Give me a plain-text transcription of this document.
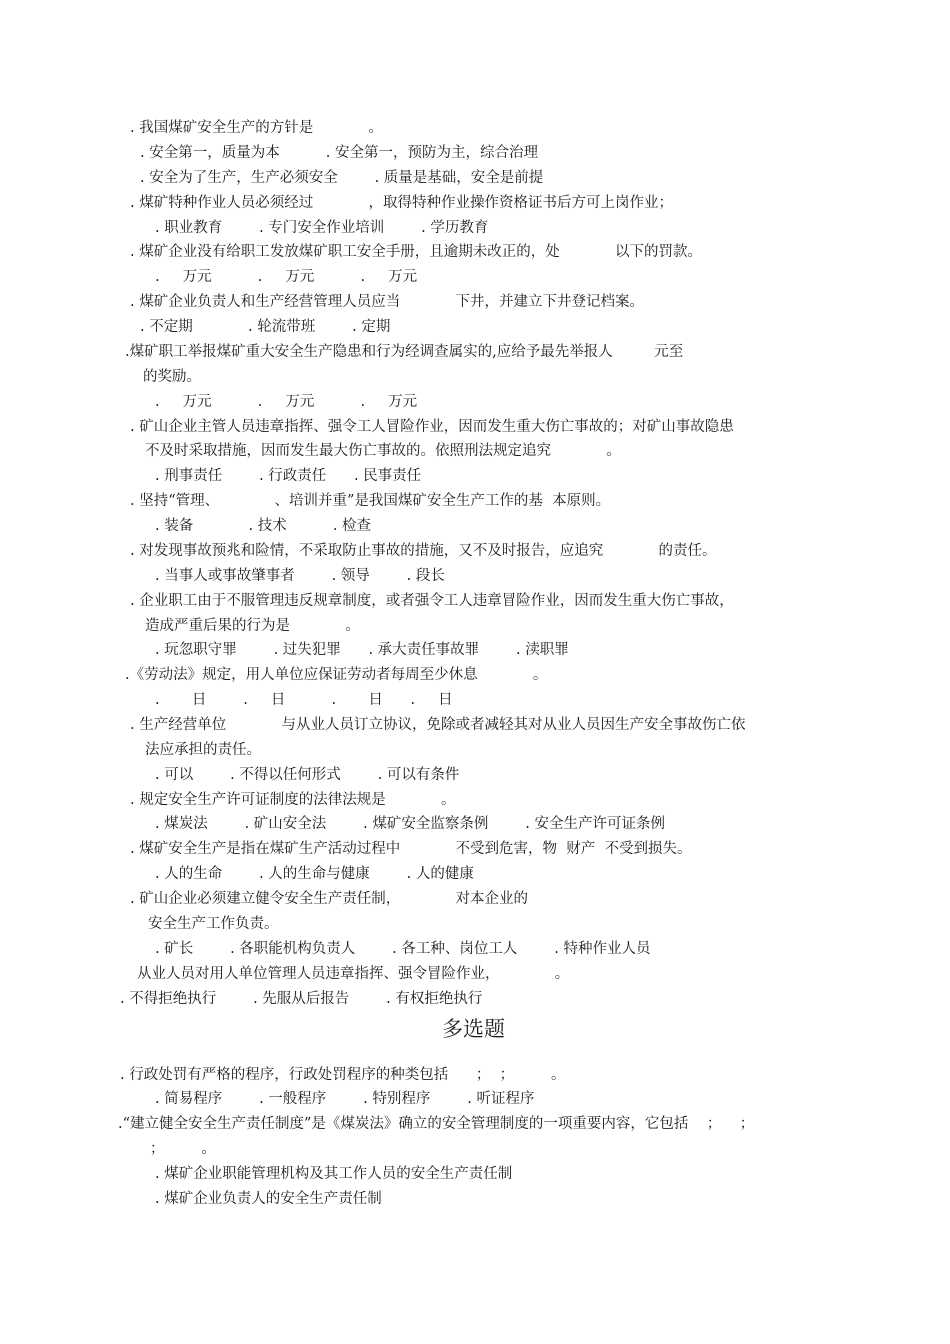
. 我国煤矿安全生产的方针是            。
. 安全第一，质量为本          . 安全第一，预防为主，综合治理
. 安全为了生产，生产必须安全        . 质量是基础，安全是前提
. 煤矿特种作业人员必须经过            ，取得特种作业操作资格证书后方可上岗作业；
. 职业教育        . 专门安全作业培训        . 学历教育
. 煤矿企业没有给职工发放煤矿职工安全手册，且逾期未改正的，处            以下的罚款。
.     万元          .     万元          .     万元
. 煤矿企业负责人和生产经营管理人员应当            下井，并建立下井登记档案。
. 不定期            . 轮流带班        . 定期
.煤矿职工举报煤矿重大安全生产隐患和行为经调查属实的,应给予最先举报人         元至
的奖励。
.     万元          .     万元          .     万元
. 矿山企业主管人员违章指挥、强令工人冒险作业，因而发生重大伤亡事故的；对矿山事故隐患
不及时采取措施，因而发生最大伤亡事故的。依照刑法规定追究            。
. 刑事责任        . 行政责任      . 民事责任
. 坚持“管理、            、培训并重”是我国煤矿安全生产工作的基  本原则。
. 装备            . 技术          . 检查
. 对发现事故预兆和险情，不采取防止事故的措施，又不及时报告，应追究            的责任。
. 当事人或事故肇事者        . 领导        . 段长
. 企业职工由于不服管理违反规章制度，或者强令工人违章冒险作业，因而发生重大伤亡事故，
造成严重后果的行为是            。
. 玩忽职守罪        . 过失犯罪      . 承大责任事故罪        . 渎职罪
.《劳动法》规定，用人单位应保证劳动者每周至少休息            。
.       日        .     日          .       日      .     日
. 生产经营单位            与从业人员订立协议，免除或者减轻其对从业人员因生产安全事故伤亡依
法应承担的责任。
. 可以        . 不得以任何形式        . 可以有条件
. 规定安全生产许可证制度的法律法规是            。
. 煤炭法        . 矿山安全法        . 煤矿安全监察条例        . 安全生产许可证条例
. 煤矿安全生产是指在煤矿生产活动过程中            不受到危害，物  财产  不受到损失。
. 人的生命        . 人的生命与健康        . 人的健康
. 矿山企业必须建立健令安全生产责任制，            对本企业的
安全生产工作负责。
. 矿长        . 各职能机构负责人        . 各工种、岗位工人        . 特种作业人员
从业人员对用人单位管理人员违章指挥、强令冒险作业，            。
. 不得拒绝执行        . 先服从后报告        . 有权拒绝执行
多选题
. 行政处罚有严格的程序，行政处罚程序的种类包括      ；  ；        。
. 简易程序        . 一般程序        . 特别程序        . 听证程序
.“建立健全安全生产责任制度”是《煤炭法》确立的安全管理制度的一项重要内容，它包括    ；    ；
；        。
. 煤矿企业职能管理机构及其工作人员的安全生产责任制
. 煤矿企业负责人的安全生产责任制
